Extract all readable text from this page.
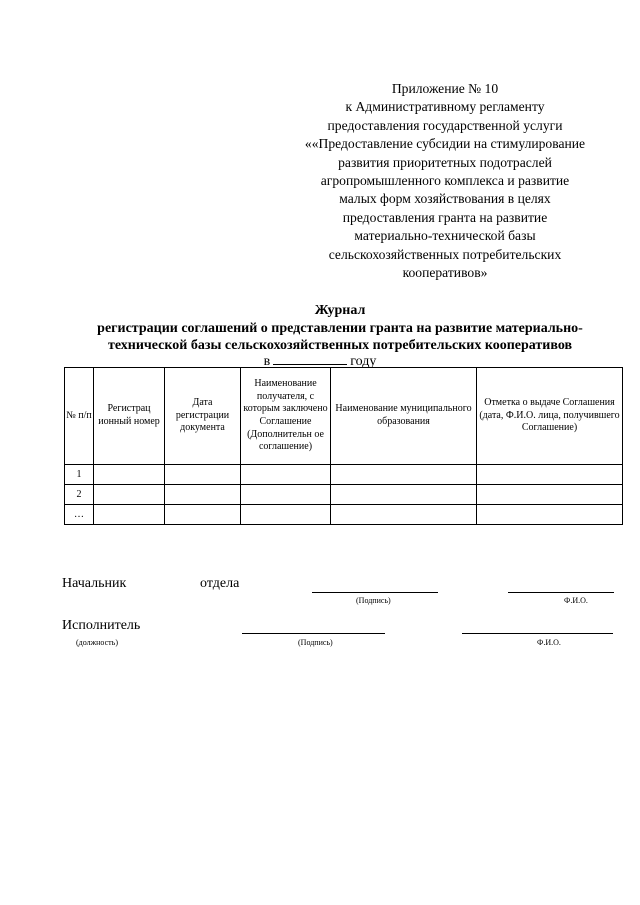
Приложение № 10
к Административному регламенту
предоставления государственной услуги
««Предоставление субсидии на стимулирование
развития приоритетных подотраслей
агропромышленного комплекса и развитие
малых форм хозяйствования в целях
предоставления гранта на развитие
материально-технической базы
сельскохозяйственных потребительских
кооперативов»
Журнал
регистрации соглашений о представлении гранта на развитие материально-
технической базы сельскохозяйственных потребительских кооперативов
в	году
№ п/п	Регистрац ионный номер	Дата регистрации документа	Наименование получателя, с которым заключено Соглашение (Дополнительн ое соглашение)	Наименование муниципального образования	Отметка о выдаче Соглашения (дата, Ф.И.О. лица, получившего Соглашение)
1					
2					
…					
Начальник	отдела
(Подпись)	Ф.И.О.
Исполнитель
(должность)	(Подпись)	Ф.И.О.
